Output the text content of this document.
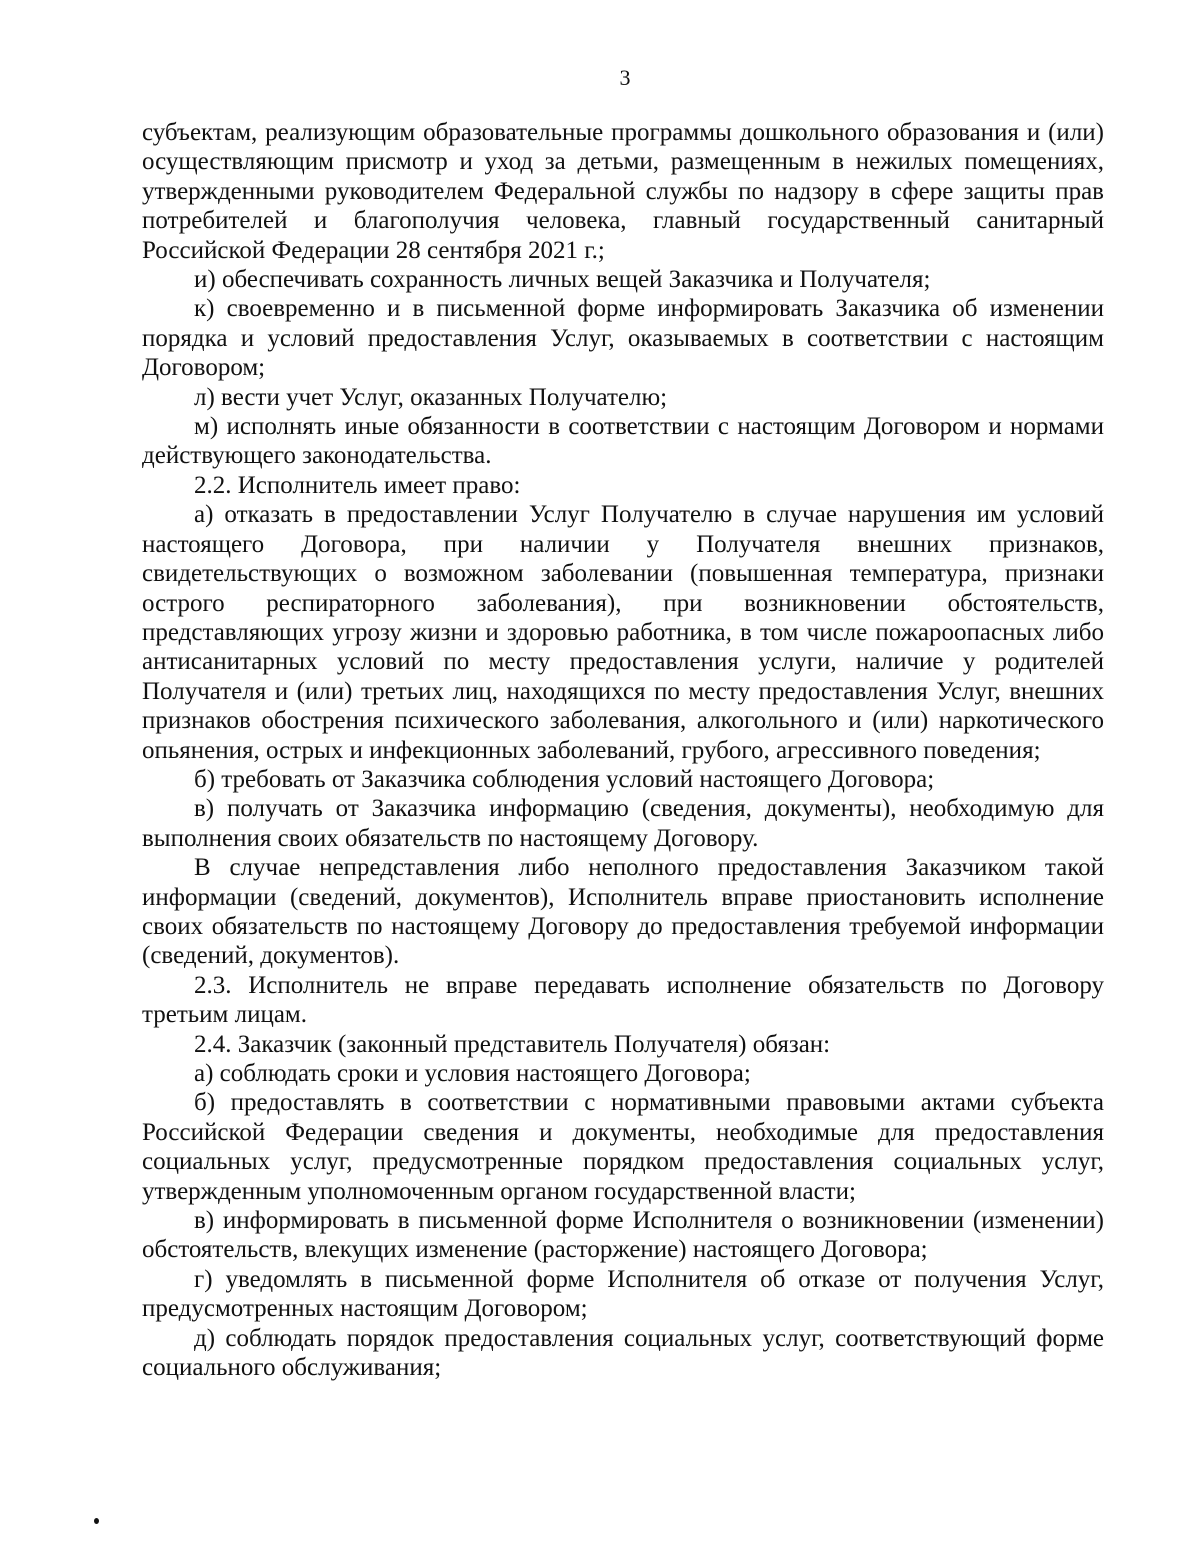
3

субъектам, реализующим образовательные программы дошкольного образования и (или) осуществляющим присмотр и уход за детьми, размещенным в нежилых помещениях, утвержденными руководителем Федеральной службы по надзору в сфере защиты прав потребителей и благополучия человека, главный государственный санитарный Российской Федерации 28 сентября 2021 г.;

и) обеспечивать сохранность личных вещей Заказчика и Получателя;

к) своевременно и в письменной форме информировать Заказчика об изменении порядка и условий предоставления Услуг, оказываемых в соответствии с настоящим Договором;

л) вести учет Услуг, оказанных Получателю;

м) исполнять иные обязанности в соответствии с настоящим Договором и нормами действующего законодательства.

2.2. Исполнитель имеет право:

а) отказать в предоставлении Услуг Получателю в случае нарушения им условий настоящего Договора, при наличии у Получателя внешних признаков, свидетельствующих о возможном заболевании (повышенная температура, признаки острого респираторного заболевания), при возникновении обстоятельств, представляющих угрозу жизни и здоровью работника, в том числе пожароопасных либо антисанитарных условий по месту предоставления услуги, наличие у родителей Получателя и (или) третьих лиц, находящихся по месту предоставления Услуг, внешних признаков обострения психического заболевания, алкогольного и (или) наркотического опьянения, острых и инфекционных заболеваний, грубого, агрессивного поведения;

б) требовать от Заказчика соблюдения условий настоящего Договора;

в) получать от Заказчика информацию (сведения, документы), необходимую для выполнения своих обязательств по настоящему Договору.

В случае непредставления либо неполного предоставления Заказчиком такой информации (сведений, документов), Исполнитель вправе приостановить исполнение своих обязательств по настоящему Договору до предоставления требуемой информации (сведений, документов).

2.3. Исполнитель не вправе передавать исполнение обязательств по Договору третьим лицам.

2.4. Заказчик (законный представитель Получателя) обязан:

а) соблюдать сроки и условия настоящего Договора;

б) предоставлять в соответствии с нормативными правовыми актами субъекта Российской Федерации сведения и документы, необходимые для предоставления социальных услуг, предусмотренные порядком предоставления социальных услуг, утвержденным уполномоченным органом государственной власти;

в) информировать в письменной форме Исполнителя о возникновении (изменении) обстоятельств, влекущих изменение (расторжение) настоящего Договора;

г) уведомлять в письменной форме Исполнителя об отказе от получения Услуг, предусмотренных настоящим Договором;

д) соблюдать порядок предоставления социальных услуг, соответствующий форме социального обслуживания;
